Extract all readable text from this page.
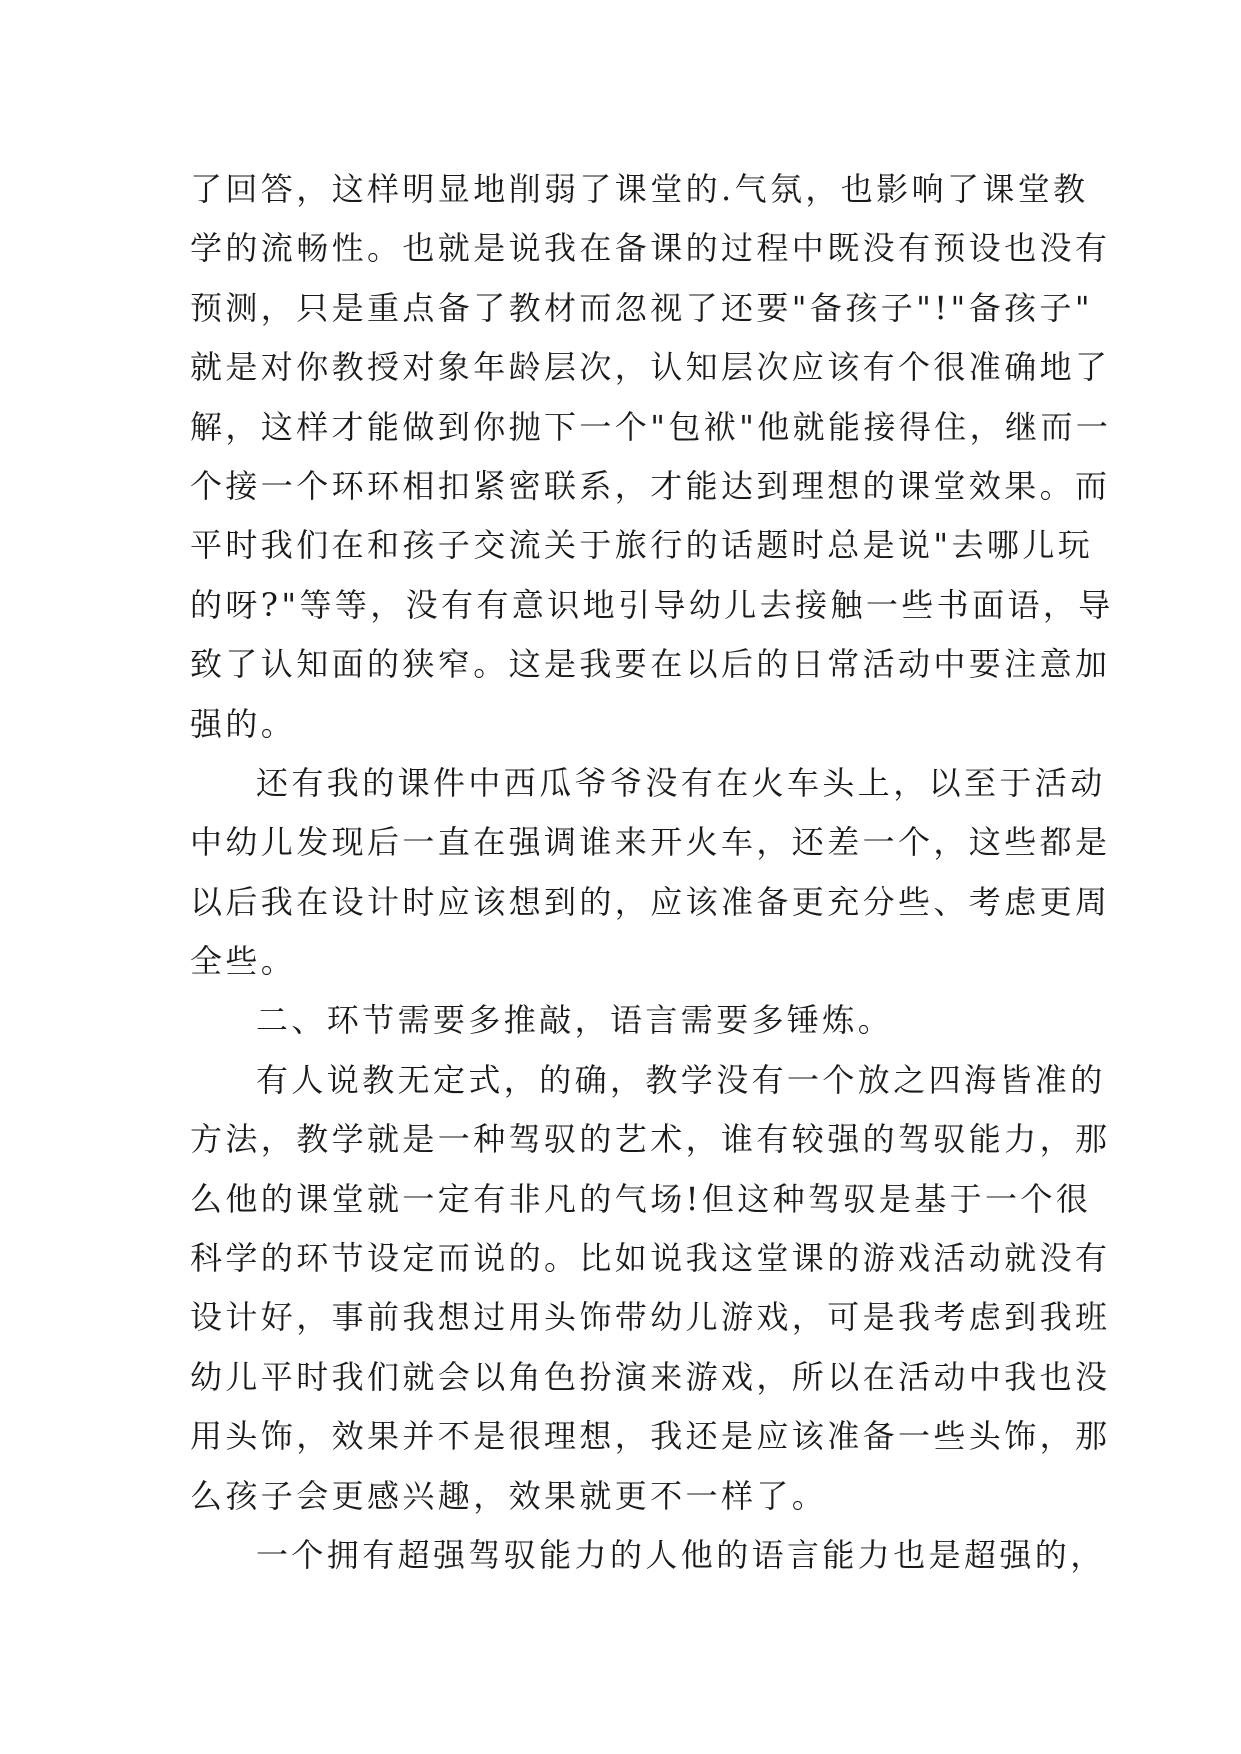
了回答，这样明显地削弱了课堂的.气氛，也影响了课堂教
学的流畅性。也就是说我在备课的过程中既没有预设也没有
预测，只是重点备了教材而忽视了还要"备孩子"!"备孩子"
就是对你教授对象年龄层次，认知层次应该有个很准确地了
解，这样才能做到你抛下一个"包袱"他就能接得住，继而一
个接一个环环相扣紧密联系，才能达到理想的课堂效果。而
平时我们在和孩子交流关于旅行的话题时总是说"去哪儿玩
的呀?"等等，没有有意识地引导幼儿去接触一些书面语，导
致了认知面的狭窄。这是我要在以后的日常活动中要注意加
强的。
还有我的课件中西瓜爷爷没有在火车头上，以至于活动
中幼儿发现后一直在强调谁来开火车，还差一个，这些都是
以后我在设计时应该想到的，应该准备更充分些、考虑更周
全些。
二、环节需要多推敲，语言需要多锤炼。
有人说教无定式，的确，教学没有一个放之四海皆准的
方法，教学就是一种驾驭的艺术，谁有较强的驾驭能力，那
么他的课堂就一定有非凡的气场!但这种驾驭是基于一个很
科学的环节设定而说的。比如说我这堂课的游戏活动就没有
设计好，事前我想过用头饰带幼儿游戏，可是我考虑到我班
幼儿平时我们就会以角色扮演来游戏，所以在活动中我也没
用头饰，效果并不是很理想，我还是应该准备一些头饰，那
么孩子会更感兴趣，效果就更不一样了。
一个拥有超强驾驭能力的人他的语言能力也是超强的，
